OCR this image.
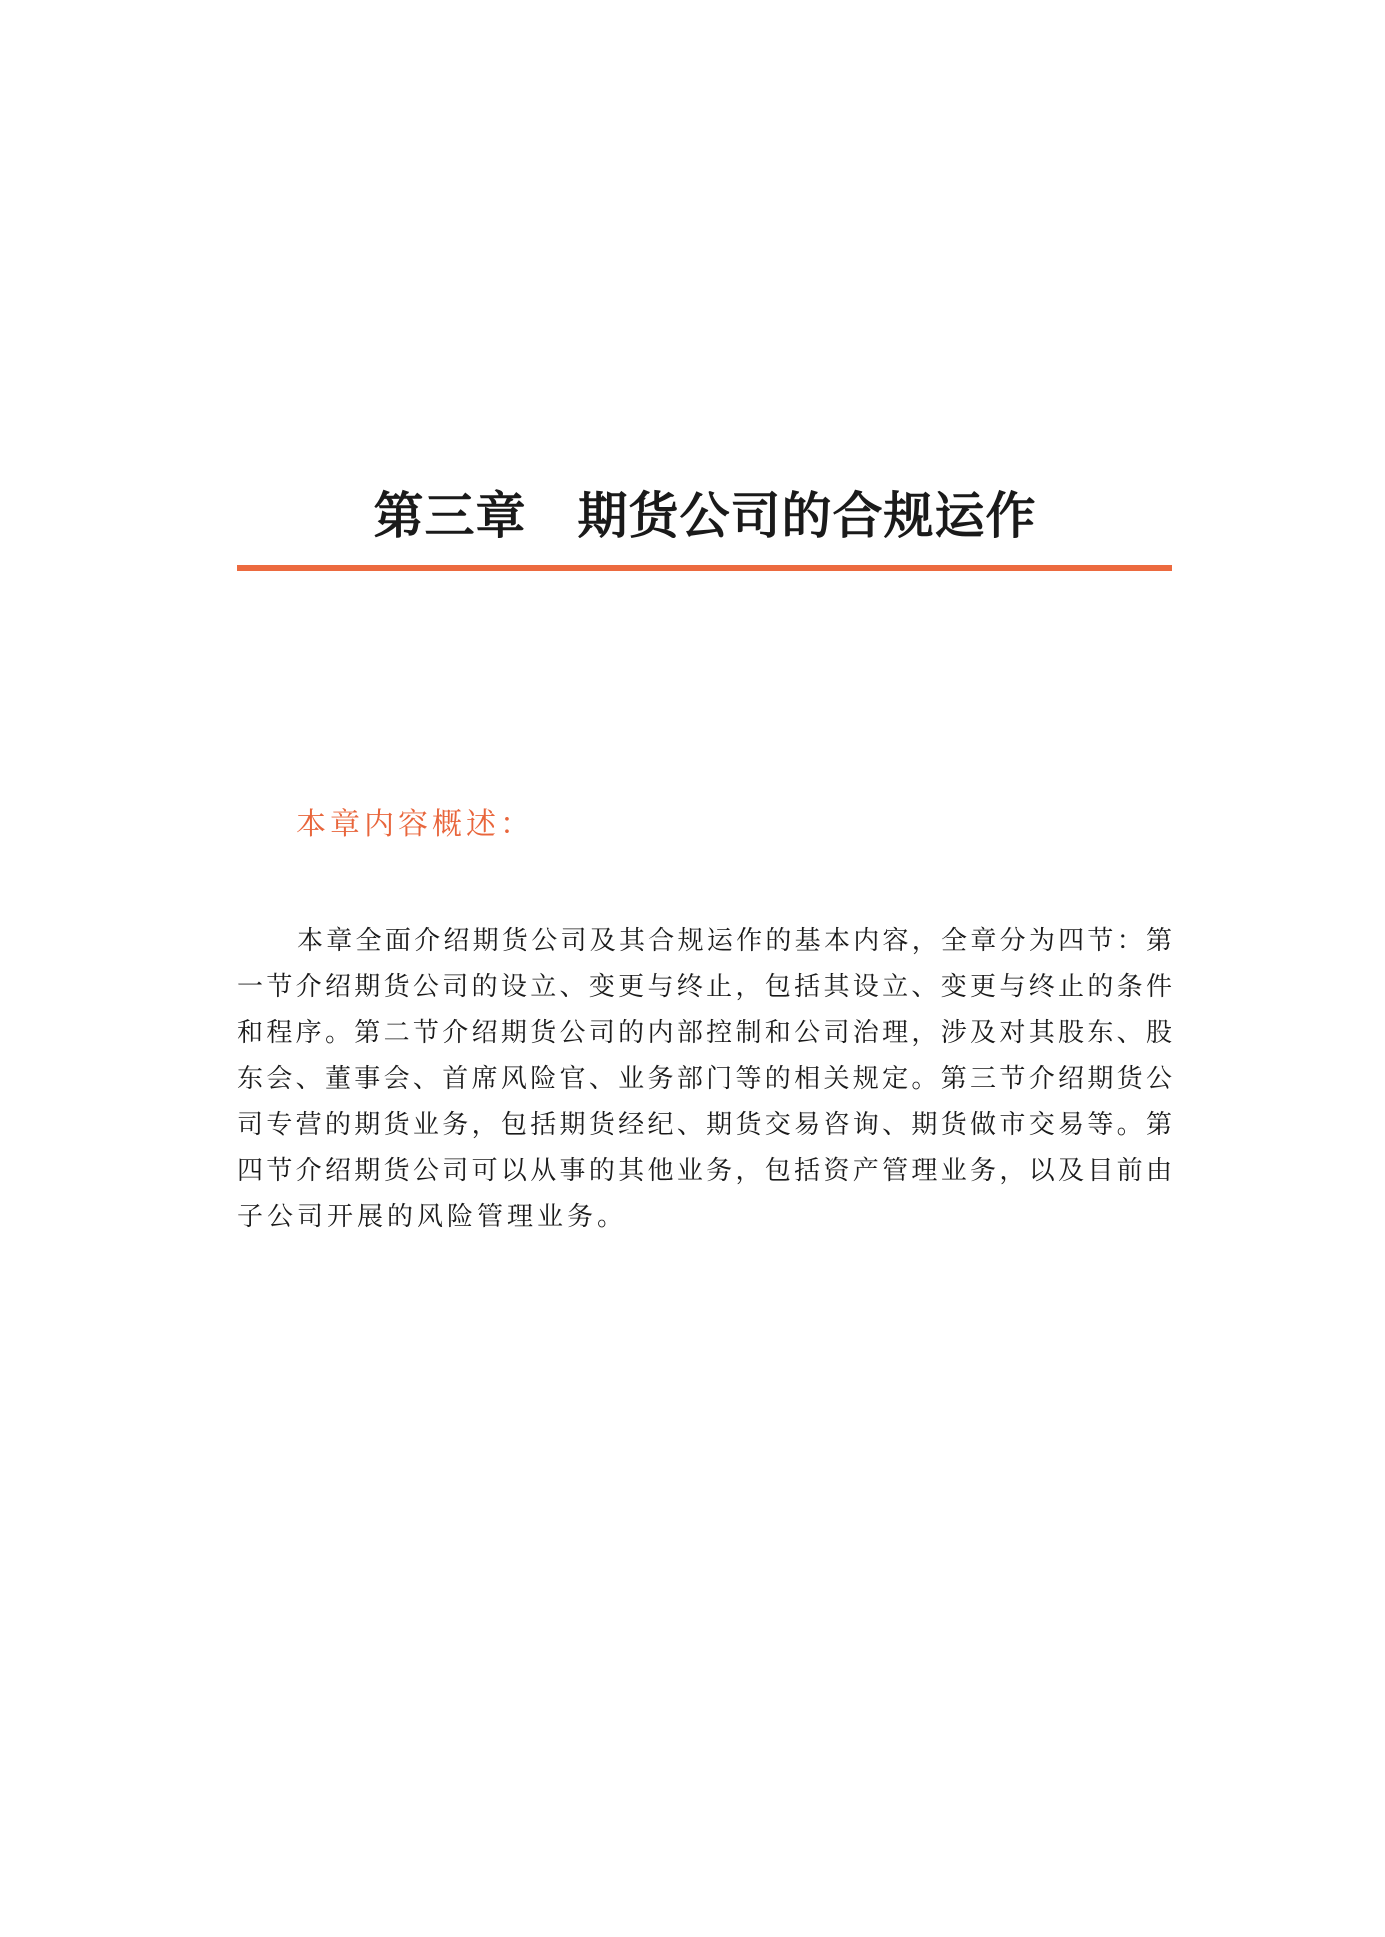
第三章　期货公司的合规运作
本章内容概述：
本章全面介绍期货公司及其合规运作的基本内容，全章分为四节：第
一节介绍期货公司的设立、变更与终止，包括其设立、变更与终止的条件
和程序。第二节介绍期货公司的内部控制和公司治理，涉及对其股东、股
东会、董事会、首席风险官、业务部门等的相关规定。第三节介绍期货公
司专营的期货业务，包括期货经纪、期货交易咨询、期货做市交易等。第
四节介绍期货公司可以从事的其他业务，包括资产管理业务，以及目前由
子公司开展的风险管理业务。
